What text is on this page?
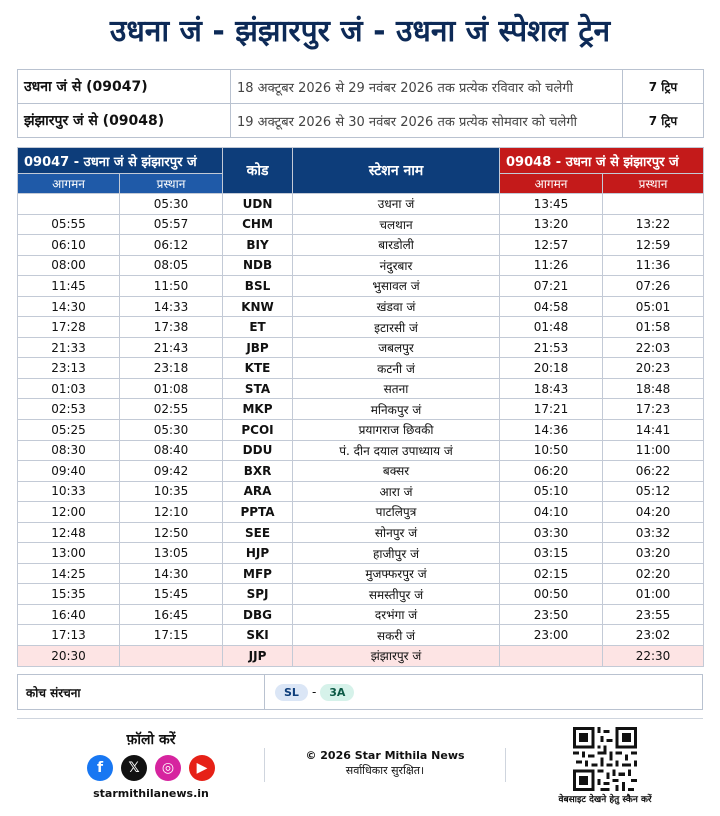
उधना जं - झंझारपुर जं - उधना जं स्पेशल ट्रेन
उधना जं से (09047)	18 अक्टूबर 2026 से 29 नवंबर 2026 तक प्रत्येक रविवार को चलेगी	7 ट्रिप
झंझारपुर जं से (09048)	19 अक्टूबर 2026 से 30 नवंबर 2026 तक प्रत्येक सोमवार को चलेगी	7 ट्रिप
09047 - उधना जं से झंझारपुर जं		कोड	स्टेशन नाम	09048 - उधना जं से झंझारपुर जं	
आगमन	प्रस्थान			आगमन	प्रस्थान
	05:30	UDN	उधना जं	13:45	
05:55	05:57	CHM	चलथान	13:20	13:22
06:10	06:12	BIY	बारडोली	12:57	12:59
08:00	08:05	NDB	नंदुरबार	11:26	11:36
11:45	11:50	BSL	भुसावल जं	07:21	07:26
14:30	14:33	KNW	खंडवा जं	04:58	05:01
17:28	17:38	ET	इटारसी जं	01:48	01:58
21:33	21:43	JBP	जबलपुर	21:53	22:03
23:13	23:18	KTE	कटनी जं	20:18	20:23
01:03	01:08	STA	सतना	18:43	18:48
02:53	02:55	MKP	मनिकपुर जं	17:21	17:23
05:25	05:30	PCOI	प्रयागराज छिवकी	14:36	14:41
08:30	08:40	DDU	पं. दीन दयाल उपाध्याय जं	10:50	11:00
09:40	09:42	BXR	बक्सर	06:20	06:22
10:33	10:35	ARA	आरा जं	05:10	05:12
12:00	12:10	PPTA	पाटलिपुत्र	04:10	04:20
12:48	12:50	SEE	सोनपुर जं	03:30	03:32
13:00	13:05	HJP	हाजीपुर जं	03:15	03:20
14:25	14:30	MFP	मुजफ्फरपुर जं	02:15	02:20
15:35	15:45	SPJ	समस्तीपुर जं	00:50	01:00
16:40	16:45	DBG	दरभंगा जं	23:50	23:55
17:13	17:15	SKI	सकरी जं	23:00	23:02
20:30		JJP	झंझारपुर जं		22:30
कोच संरचना	SL	-	3A
फ़ॉलो करें
f	𝕏	◎	▶
starmithilanews.in
© 2026 Star Mithila News
सर्वाधिकार सुरक्षित।
वेबसाइट देखने हेतु स्कैन करें
